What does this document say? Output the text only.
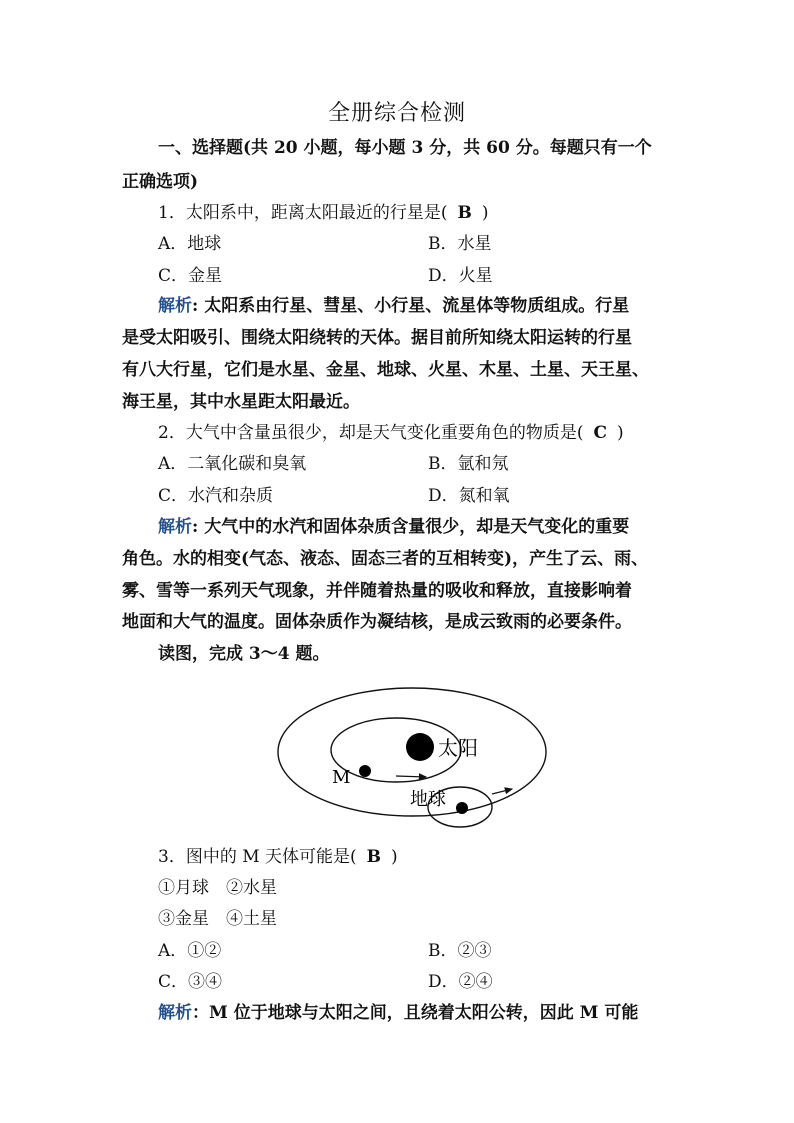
全册综合检测
一、选择题(共 20 小题，每小题 3 分，共 60 分。每题只有一个
正确选项)
1．太阳系中，距离太阳最近的行星是( B )
A．地球	B．水星
C．金星	D．火星
解析: 太阳系由行星、彗星、小行星、流星体等物质组成。行星
是受太阳吸引、围绕太阳绕转的天体。据目前所知绕太阳运转的行星
有八大行星，它们是水星、金星、地球、火星、木星、土星、天王星、
海王星，其中水星距太阳最近。
2．大气中含量虽很少，却是天气变化重要角色的物质是( C )
A．二氧化碳和臭氧	B．氩和氖
C．水汽和杂质	D．氮和氧
解析: 大气中的水汽和固体杂质含量很少，却是天气变化的重要
角色。水的相变(气态、液态、固态三者的互相转变)，产生了云、雨、
雾、雪等一系列天气现象，并伴随着热量的吸收和释放，直接影响着
地面和大气的温度。固体杂质作为凝结核，是成云致雨的必要条件。
读图，完成 3～4 题。
太阳
M
地球
3．图中的 M 天体可能是( B )
①月球　②水星
③金星　④土星
A．①②	B．②③
C．③④	D．②④
解析：M 位于地球与太阳之间，且绕着太阳公转，因此 M 可能
